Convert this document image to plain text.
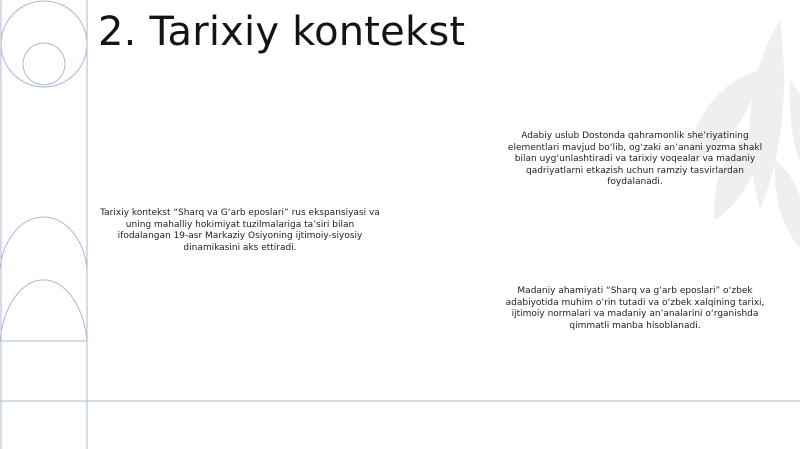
2. Tarixiy kontekst

Tarixiy kontekst “Sharq va G‘arb eposlari” rus ekspansiyasi va uning mahalliy hokimiyat tuzilmalariga ta’siri bilan ifodalangan 19-asr Markaziy Osiyoning ijtimoiy-siyosiy dinamikasini aks ettiradi.

Adabiy uslub Dostonda qahramonlik she’riyatining elementlari mavjud bo‘lib, og‘zaki an’anani yozma shakl bilan uyg‘unlashtiradi va tarixiy voqealar va madaniy qadriyatlarni etkazish uchun ramziy tasvirlardan foydalanadi.

Madaniy ahamiyati “Sharq va g‘arb eposlari” o‘zbek adabiyotida muhim o‘rin tutadi va o‘zbek xalqining tarixi, ijtimoiy normalari va madaniy an’analarini o‘rganishda qimmatli manba hisoblanadi.
